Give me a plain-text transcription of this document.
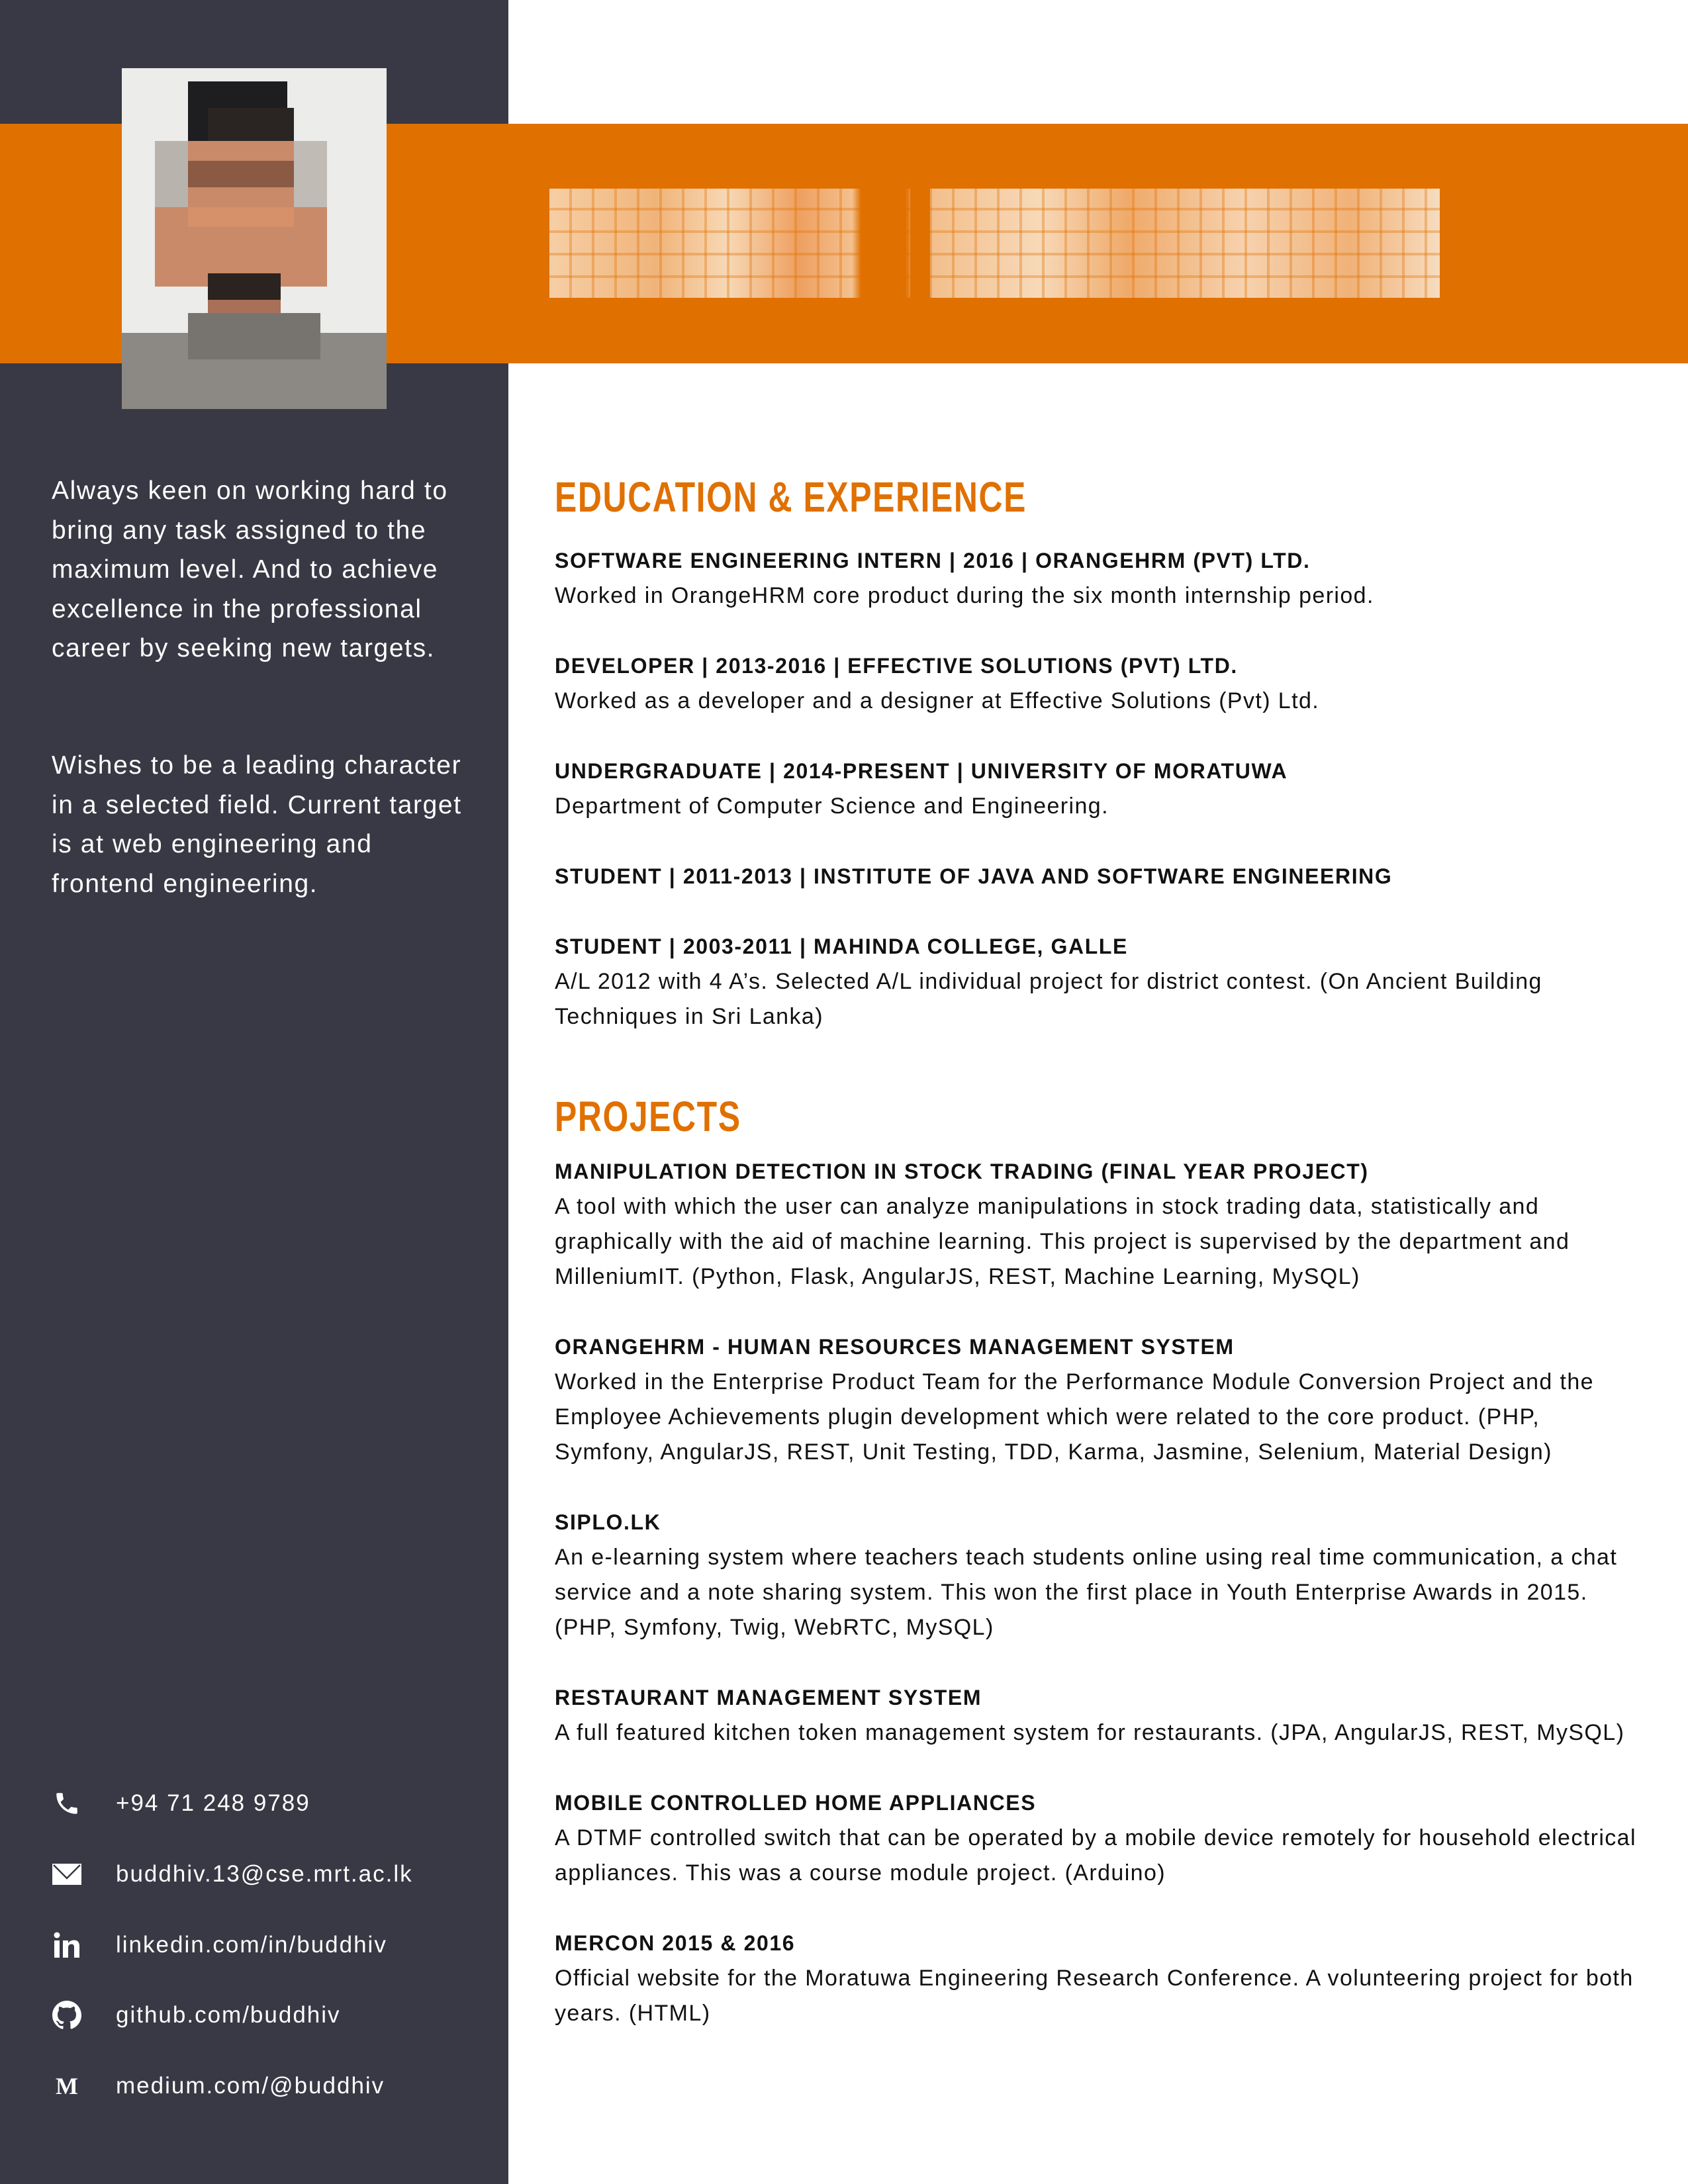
Always keen on working hard to bring any task assigned to the maximum level. And to achieve excellence in the professional career by seeking new targets.
Wishes to be a leading character in a selected field. Current target is at web engineering and frontend engineering.
+94 71 248 9789
buddhiv.13@cse.mrt.ac.lk
linkedin.com/in/buddhiv
github.com/buddhiv
M medium.com/@buddhiv
EDUCATION & EXPERIENCE
SOFTWARE ENGINEERING INTERN | 2016 | ORANGEHRM (PVT) LTD.
Worked in OrangeHRM core product during the six month internship period.
DEVELOPER | 2013-2016 | EFFECTIVE SOLUTIONS (PVT) LTD.
Worked as a developer and a designer at Effective Solutions (Pvt) Ltd.
UNDERGRADUATE | 2014-PRESENT | UNIVERSITY OF MORATUWA
Department of Computer Science and Engineering.
STUDENT | 2011-2013 | INSTITUTE OF JAVA AND SOFTWARE ENGINEERING
STUDENT | 2003-2011 | MAHINDA COLLEGE, GALLE
A/L 2012 with 4 A’s. Selected A/L individual project for district contest. (On Ancient Building Techniques in Sri Lanka)
PROJECTS
MANIPULATION DETECTION IN STOCK TRADING (FINAL YEAR PROJECT)
A tool with which the user can analyze manipulations in stock trading data, statistically and graphically with the aid of machine learning. This project is supervised by the department and MilleniumIT. (Python, Flask, AngularJS, REST, Machine Learning, MySQL)
ORANGEHRM - HUMAN RESOURCES MANAGEMENT SYSTEM
Worked in the Enterprise Product Team for the Performance Module Conversion Project and the Employee Achievements plugin development which were related to the core product. (PHP, Symfony, AngularJS, REST, Unit Testing, TDD, Karma, Jasmine, Selenium, Material Design)
SIPLO.LK
An e-learning system where teachers teach students online using real time communication, a chat service and a note sharing system. This won the first place in Youth Enterprise Awards in 2015. (PHP, Symfony, Twig, WebRTC, MySQL)
RESTAURANT MANAGEMENT SYSTEM
A full featured kitchen token management system for restaurants. (JPA, AngularJS, REST, MySQL)
MOBILE CONTROLLED HOME APPLIANCES
A DTMF controlled switch that can be operated by a mobile device remotely for household electrical appliances. This was a course module project. (Arduino)
MERCON 2015 & 2016
Official website for the Moratuwa Engineering Research Conference. A volunteering project for both years. (HTML)
